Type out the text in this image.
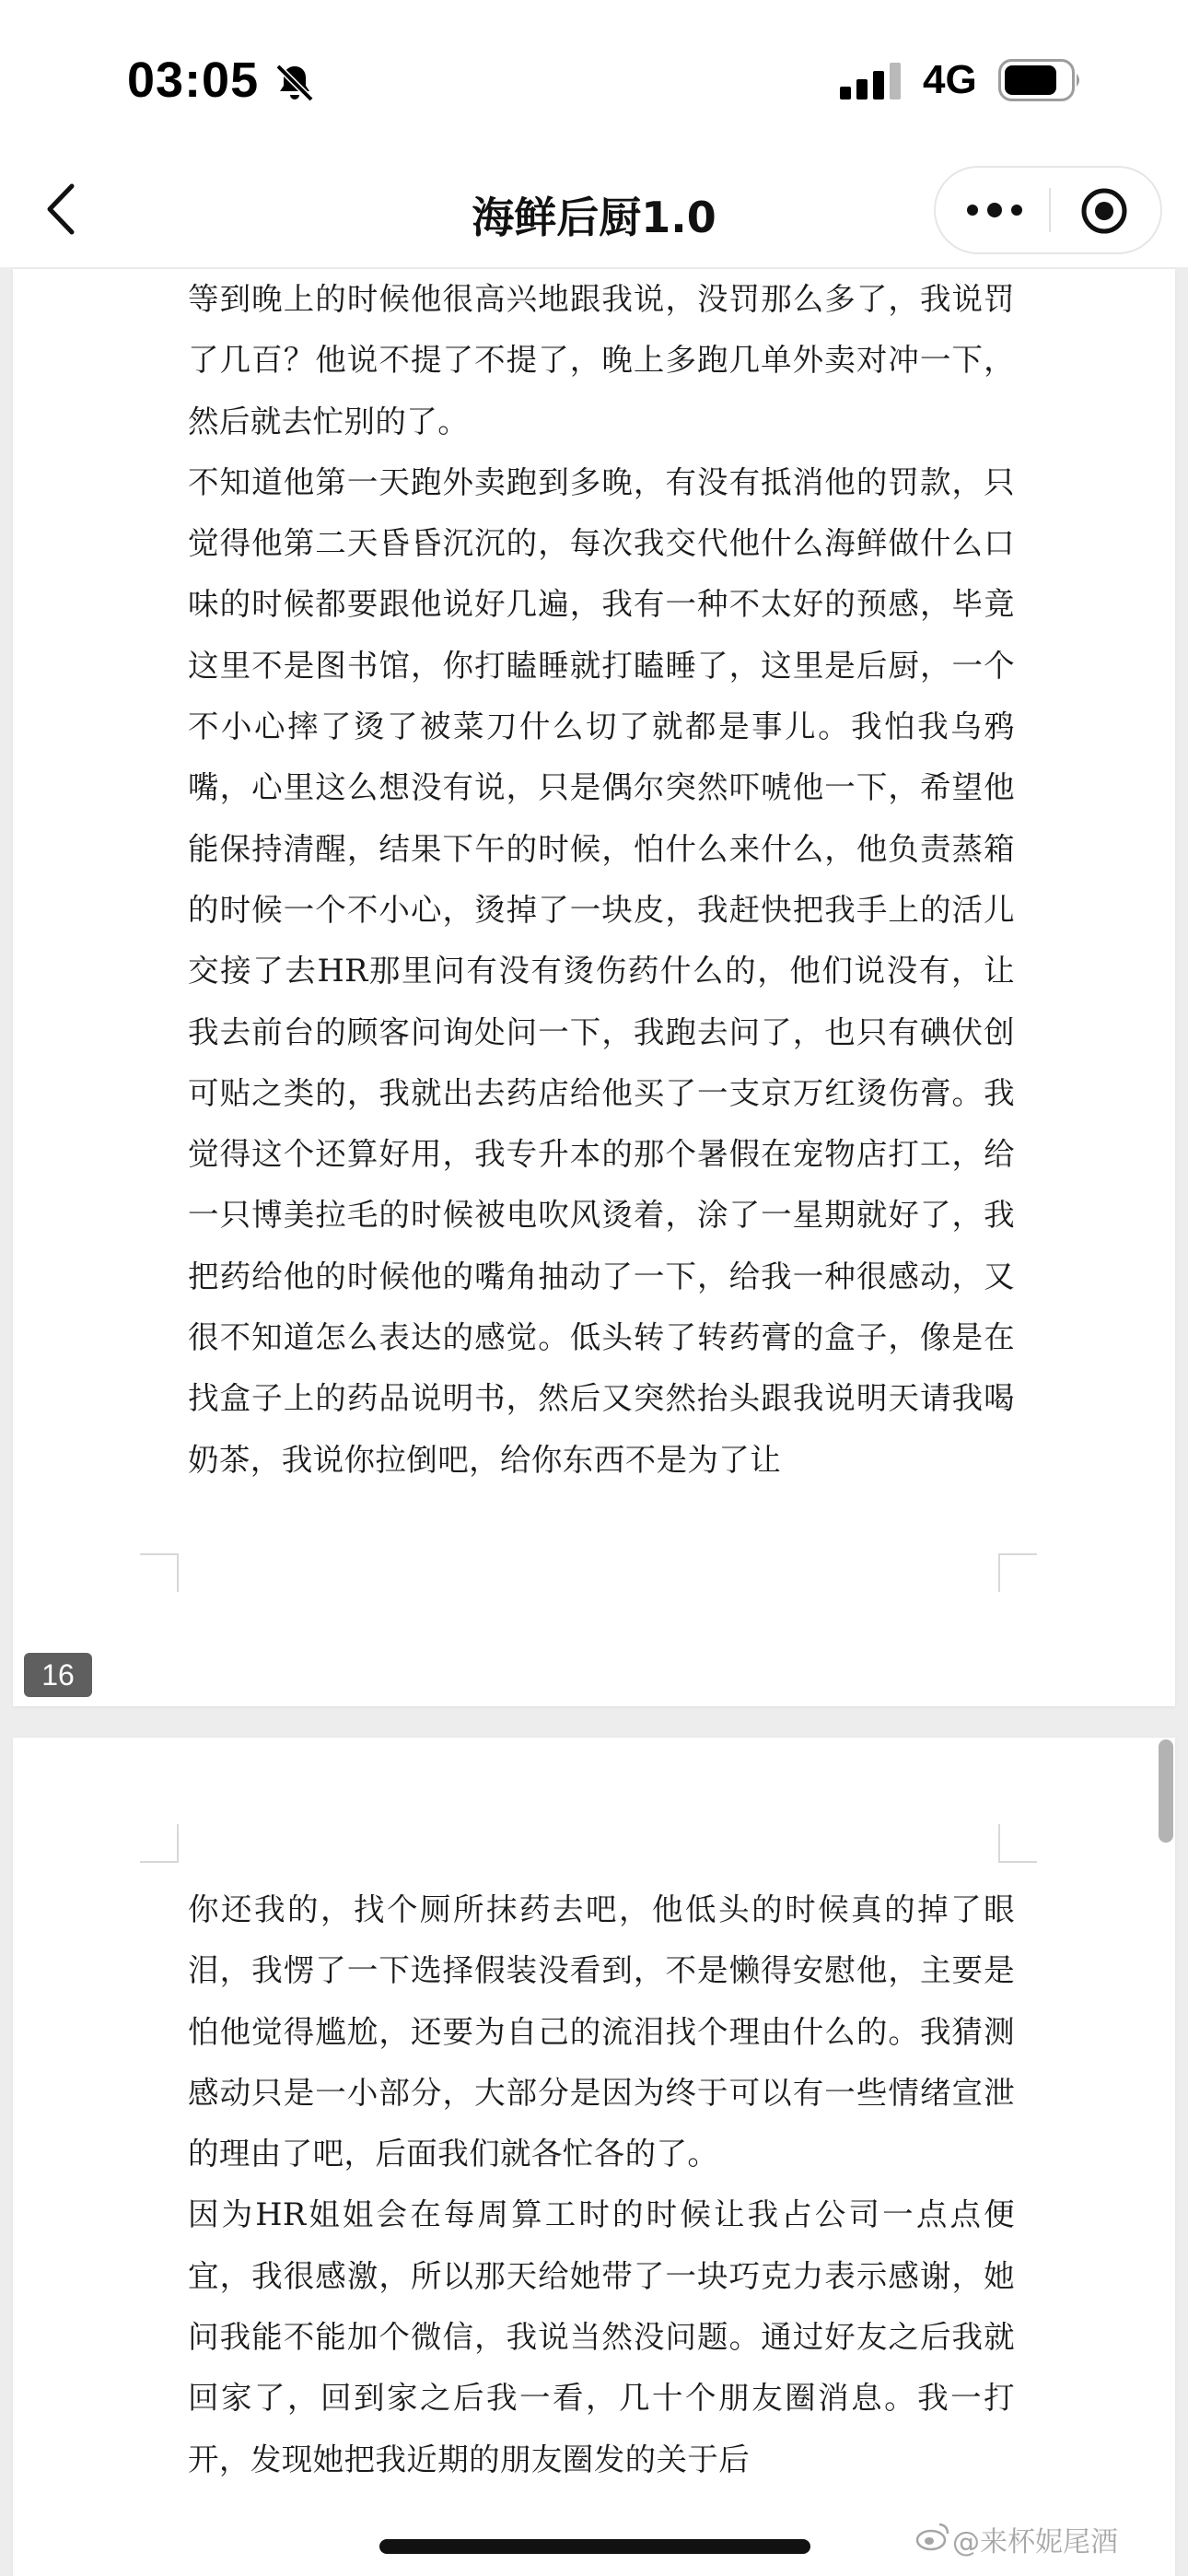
03:05	4G
海鲜后厨1.0

等到晚上的时候他很高兴地跟我说，没罚那么多了，我说罚了几百？他说不提了不提了，晚上多跑几单外卖对冲一下，然后就去忙别的了。

不知道他第一天跑外卖跑到多晚，有没有抵消他的罚款，只觉得他第二天昏昏沉沉的，每次我交代他什么海鲜做什么口味的时候都要跟他说好几遍，我有一种不太好的预感，毕竟这里不是图书馆，你打瞌睡就打瞌睡了，这里是后厨，一个不小心摔了烫了被菜刀什么切了就都是事儿。我怕我乌鸦嘴，心里这么想没有说，只是偶尔突然吓唬他一下，希望他能保持清醒，结果下午的时候，怕什么来什么，他负责蒸箱的时候一个不小心，烫掉了一块皮，我赶快把我手上的活儿交接了去HR那里问有没有烫伤药什么的，他们说没有，让我去前台的顾客问询处问一下，我跑去问了，也只有碘伏创可贴之类的，我就出去药店给他买了一支京万红烫伤膏。我觉得这个还算好用，我专升本的那个暑假在宠物店打工，给一只博美拉毛的时候被电吹风烫着，涂了一星期就好了，我把药给他的时候他的嘴角抽动了一下，给我一种很感动，又很不知道怎么表达的感觉。低头转了转药膏的盒子，像是在找盒子上的药品说明书，然后又突然抬头跟我说明天请我喝奶茶，我说你拉倒吧，给你东西不是为了让

16

你还我的，找个厕所抹药去吧，他低头的时候真的掉了眼泪，我愣了一下选择假装没看到，不是懒得安慰他，主要是怕他觉得尴尬，还要为自己的流泪找个理由什么的。我猜测感动只是一小部分，大部分是因为终于可以有一些情绪宣泄的理由了吧，后面我们就各忙各的了。

因为HR姐姐会在每周算工时的时候让我占公司一点点便宜，我很感激，所以那天给她带了一块巧克力表示感谢，她问我能不能加个微信，我说当然没问题。通过好友之后我就回家了，回到家之后我一看，几十个朋友圈消息。我一打开，发现她把我近期的朋友圈发的关于后

@来杯妮尾酒
